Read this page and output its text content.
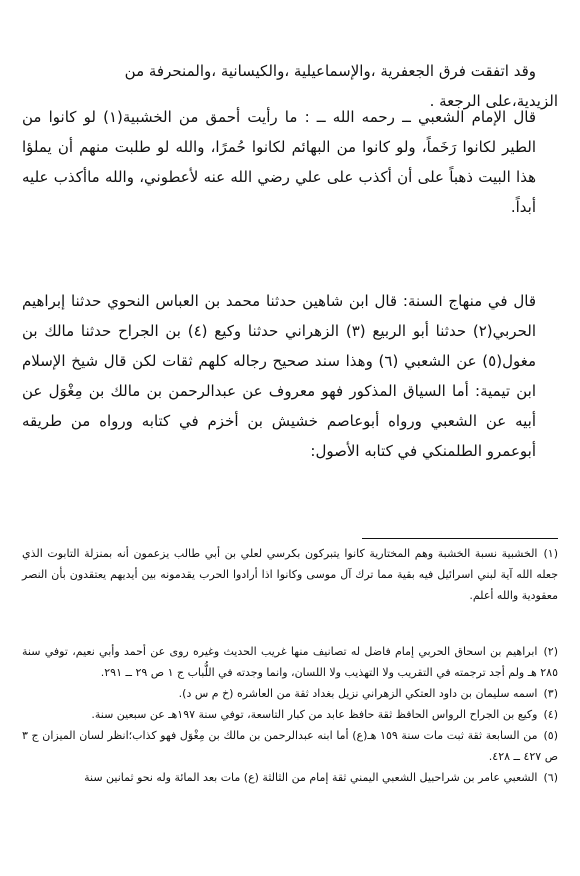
وقد اتفقت فرق الجعفرية ،والإسماعيلية ،والكيسانية ،والمنحرفة من

الزيدية،على الرجعة .

قال الإمام الشعبي ــ رحمه الله ــ : ما رأيت أحمق من الخشبية(١) لو كانوا من الطير لكانوا رَخَماً، ولو كانوا من البهائم لكانوا حُمرًا، والله لو طلبت منهم أن يملؤا هذا البيت ذهباً على أن أكذب على علي رضي الله عنه لأعطوني، والله ماأكذب عليه أبداً.

قال في منهاج السنة: قال ابن شاهين حدثنا محمد بن العباس النحوي حدثنا إبراهيم الحربي(٢) حدثنا أبو الربيع (٣) الزهراني حدثنا وكيع (٤) بن الجراح حدثنا مالك بن مغول(٥) عن الشعبي (٦) وهذا سند صحيح رجاله كلهم ثقات لكن قال شيخ الإسلام ابن تيمية: أما السياق المذكور فهو معروف عن عبدالرحمن بن مالك بن مِغْوَل عن أبيه عن الشعبي ورواه أبوعاصم خشيش بن أخزم في كتابه ورواه من طريقه أبوعمرو الطلمنكي في كتابه الأصول:

(١)الخشبية نسبة الخشبة وهم المختارية كانوا يتبركون بكرسي لعلي بن أبي طالب يزعمون أنه بمنزلة التابوت الذي جعله الله آية لبني اسرائيل فيه بقية مما ترك آل موسى وكانوا اذا أرادوا الحرب يقدمونه بين أيديهم يعتقدون بأن النصر معقودية والله أعلم.

(٢)ابراهيم بن اسحاق الحربي إمام فاضل له تصانيف منها غريب الحديث وغيره روى عن أحمد وأبي نعيم، توفي سنة ٢٨٥ هـ ولم أجد ترجمته في التقريب ولا التهذيب ولا اللسان، وانما وجدته في اللُّباب ج ١ ص ٢٩ ــ ٢٩١.

(٣)اسمه سليمان بن داود العتكي الزهراني نزيل بغداد ثقة من العاشره (خ م س د).

(٤)وكيع بن الجراح الرواس الحافظ ثقة حافظ عابد من كبار التاسعة، توفي سنة ١٩٧هـ عن سبعين سنة.

(٥)من السابعة ثقة ثبت مات سنة ١٥٩ هـ(ع) أما ابنه عبدالرحمن بن مالك بن مِغْوَل فهو كذاب؛انظر لسان الميزان ج ٣ ص ٤٢٧ ــ ٤٢٨.

(٦)الشعبي عامر بن شراحبيل الشعبي اليمني ثقة إمام من الثالثة (ع) مات بعد المائة وله نحو ثمانين سنة
